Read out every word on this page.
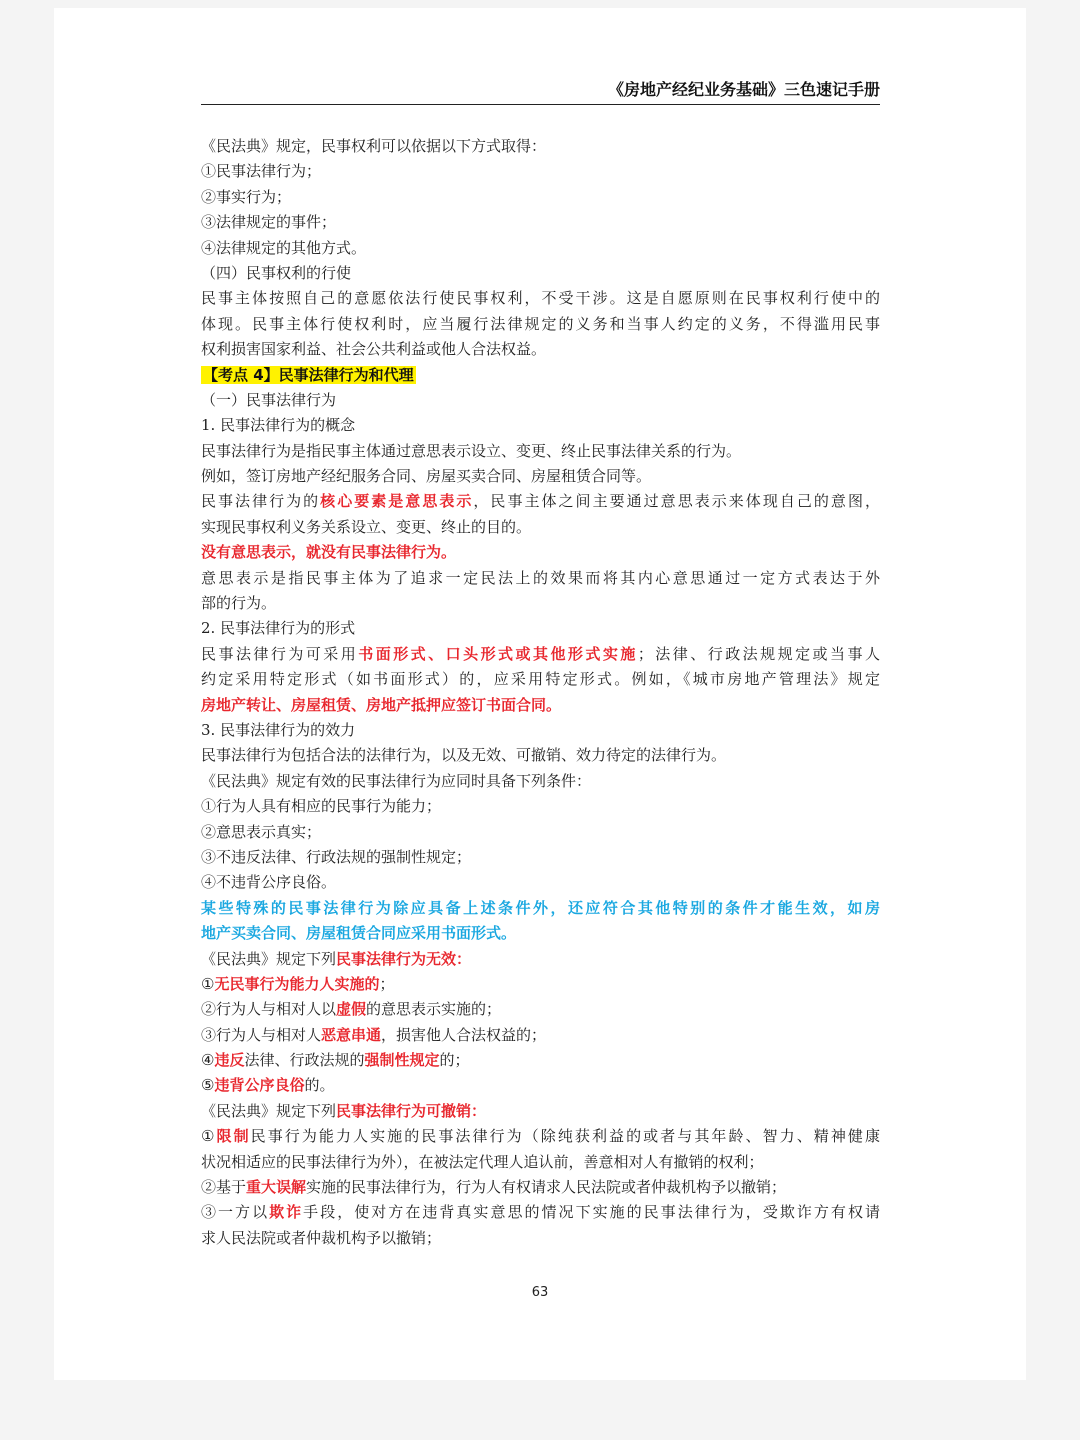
《房地产经纪业务基础》三色速记手册
《民法典》规定，民事权利可以依据以下方式取得：
①民事法律行为；
②事实行为；
③法律规定的事件；
④法律规定的其他方式。
（四）民事权利的行使
民事主体按照自己的意愿依法行使民事权利，不受干涉。这是自愿原则在民事权利行使中的
体现。民事主体行使权利时，应当履行法律规定的义务和当事人约定的义务，不得滥用民事
权利损害国家利益、社会公共利益或他人合法权益。
【考点 4】民事法律行为和代理
（一）民事法律行为
1. 民事法律行为的概念
民事法律行为是指民事主体通过意思表示设立、变更、终止民事法律关系的行为。
例如，签订房地产经纪服务合同、房屋买卖合同、房屋租赁合同等。
民事法律行为的核心要素是意思表示，民事主体之间主要通过意思表示来体现自己的意图，
实现民事权利义务关系设立、变更、终止的目的。
没有意思表示，就没有民事法律行为。
意思表示是指民事主体为了追求一定民法上的效果而将其内心意思通过一定方式表达于外
部的行为。
2. 民事法律行为的形式
民事法律行为可采用书面形式、口头形式或其他形式实施；法律、行政法规规定或当事人
约定采用特定形式（如书面形式）的，应采用特定形式。例如，《城市房地产管理法》规定
房地产转让、房屋租赁、房地产抵押应签订书面合同。
3. 民事法律行为的效力
民事法律行为包括合法的法律行为，以及无效、可撤销、效力待定的法律行为。
《民法典》规定有效的民事法律行为应同时具备下列条件：
①行为人具有相应的民事行为能力；
②意思表示真实；
③不违反法律、行政法规的强制性规定；
④不违背公序良俗。
某些特殊的民事法律行为除应具备上述条件外，还应符合其他特别的条件才能生效，如房
地产买卖合同、房屋租赁合同应采用书面形式。
《民法典》规定下列民事法律行为无效：
①无民事行为能力人实施的；
②行为人与相对人以虚假的意思表示实施的；
③行为人与相对人恶意串通，损害他人合法权益的；
④违反法律、行政法规的强制性规定的；
⑤违背公序良俗的。
《民法典》规定下列民事法律行为可撤销：
①限制民事行为能力人实施的民事法律行为（除纯获利益的或者与其年龄、智力、精神健康
状况相适应的民事法律行为外），在被法定代理人追认前，善意相对人有撤销的权利；
②基于重大误解实施的民事法律行为，行为人有权请求人民法院或者仲裁机构予以撤销；
③一方以欺诈手段，使对方在违背真实意思的情况下实施的民事法律行为，受欺诈方有权请
求人民法院或者仲裁机构予以撤销；
63
